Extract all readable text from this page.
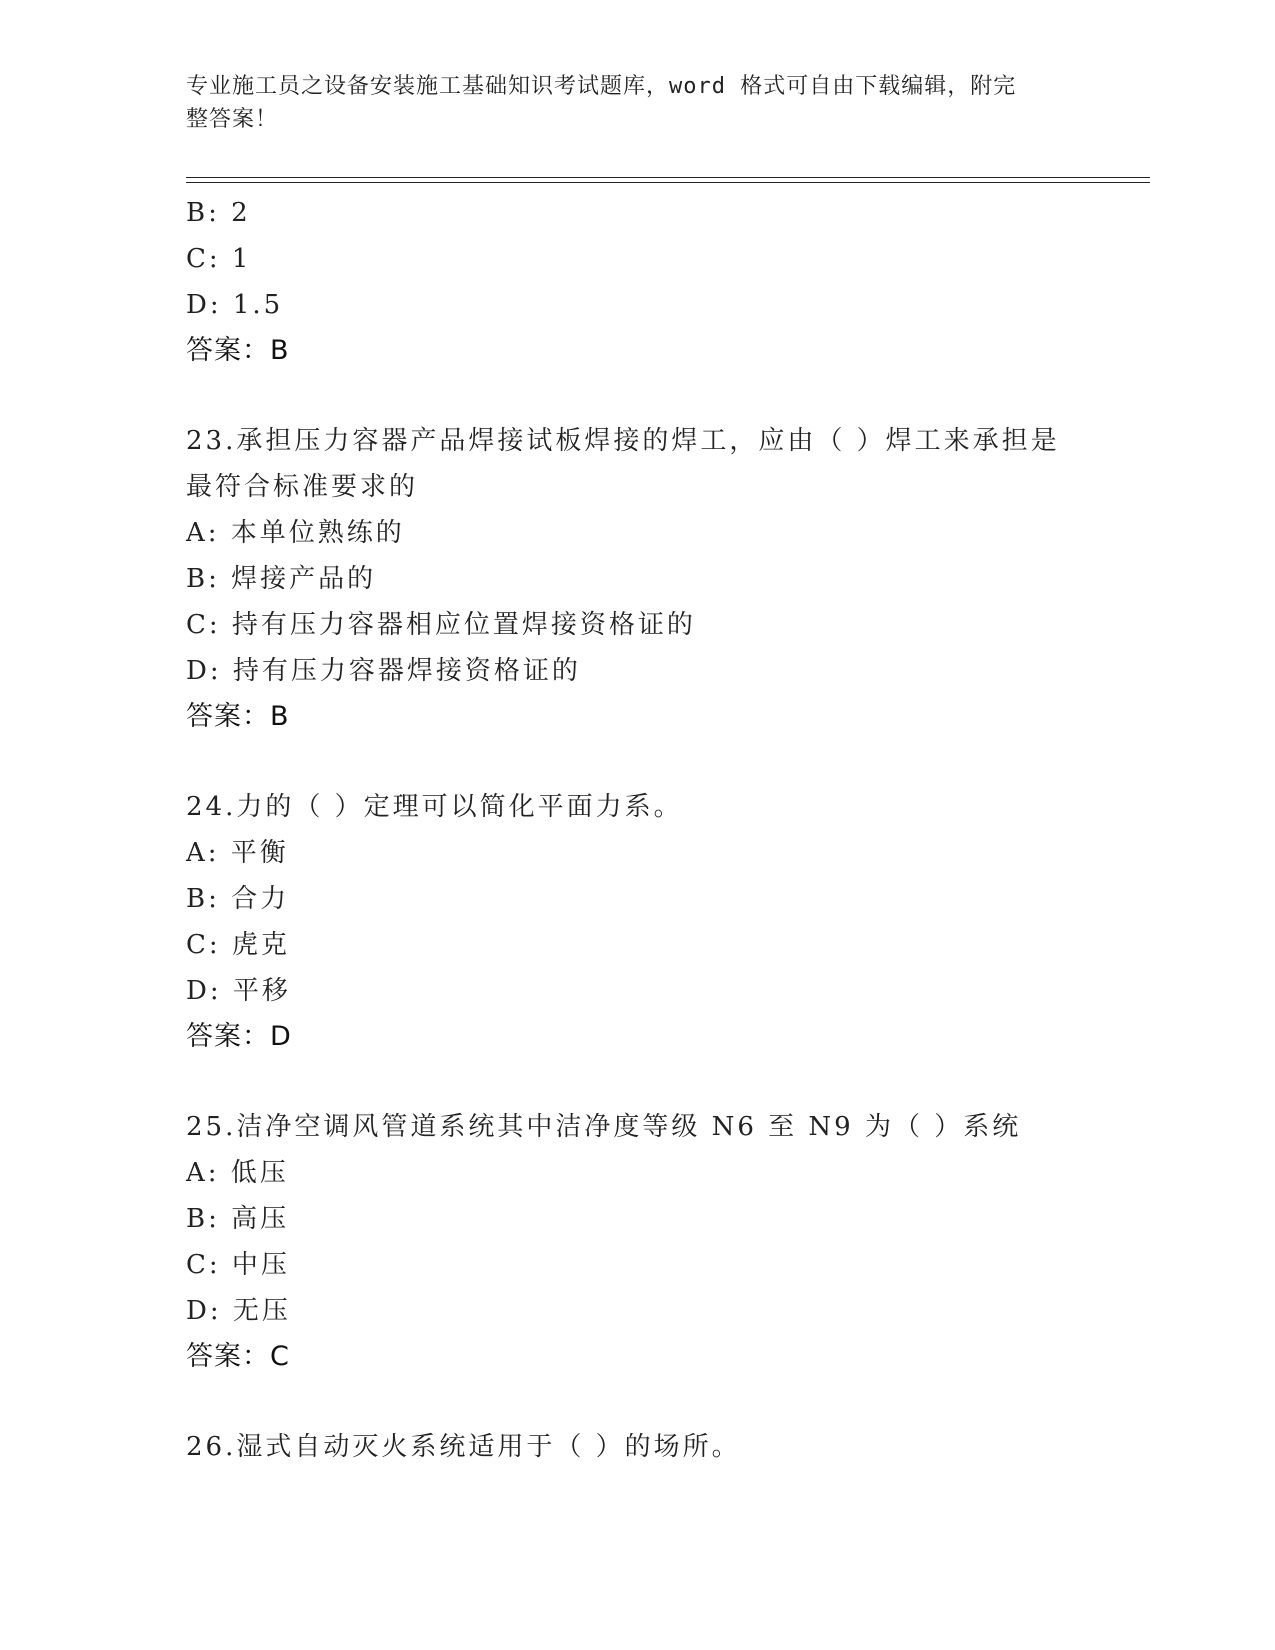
专业施工员之设备安装施工基础知识考试题库，word 格式可自由下载编辑，附完
整答案！
B: 2
C: 1
D: 1.5
答案：B
23.承担压力容器产品焊接试板焊接的焊工，应由（ ）焊工来承担是
最符合标准要求的
A: 本单位熟练的
B: 焊接产品的
C: 持有压力容器相应位置焊接资格证的
D: 持有压力容器焊接资格证的
答案：B
24.力的（ ）定理可以简化平面力系。
A: 平衡
B: 合力
C: 虎克
D: 平移
答案：D
25.洁净空调风管道系统其中洁净度等级 N6 至 N9 为（ ）系统
A: 低压
B: 高压
C: 中压
D: 无压
答案：C
26.湿式自动灭火系统适用于（ ）的场所。
